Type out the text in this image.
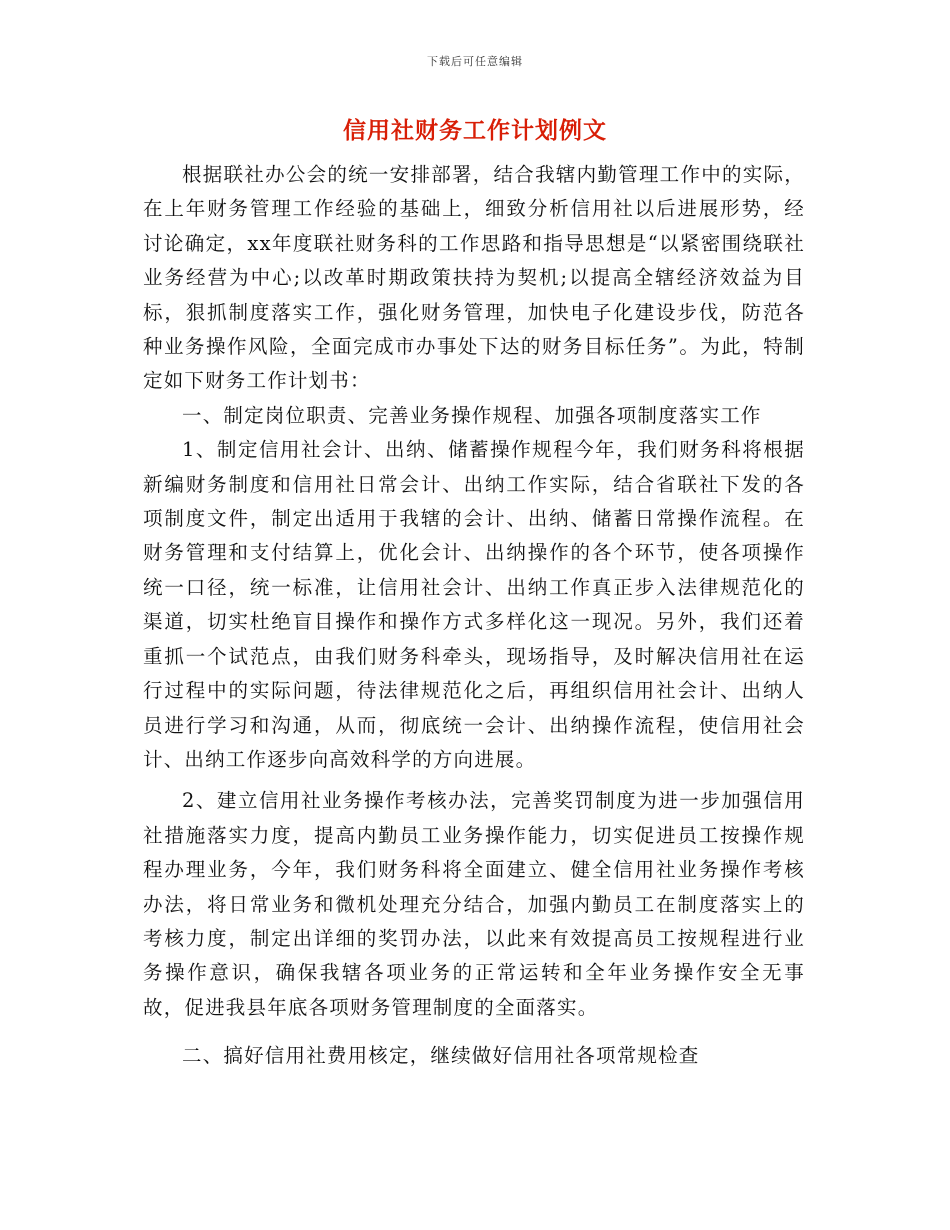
下载后可任意编辑
信用社财务工作计划例文

根据联社办公会的统一安排部署，结合我辖内勤管理工作中的实际，在上年财务管理工作经验的基础上，细致分析信用社以后进展形势，经讨论确定，xx年度联社财务科的工作思路和指导思想是“以紧密围绕联社业务经营为中心;以改革时期政策扶持为契机;以提高全辖经济效益为目标，狠抓制度落实工作，强化财务管理，加快电子化建设步伐，防范各种业务操作风险，全面完成市办事处下达的财务目标任务”。为此，特制定如下财务工作计划书：

一、制定岗位职责、完善业务操作规程、加强各项制度落实工作

1、制定信用社会计、出纳、储蓄操作规程今年，我们财务科将根据新编财务制度和信用社日常会计、出纳工作实际，结合省联社下发的各项制度文件，制定出适用于我辖的会计、出纳、储蓄日常操作流程。在财务管理和支付结算上，优化会计、出纳操作的各个环节，使各项操作统一口径，统一标准，让信用社会计、出纳工作真正步入法律规范化的渠道，切实杜绝盲目操作和操作方式多样化这一现况。另外，我们还着重抓一个试范点，由我们财务科牵头，现场指导，及时解决信用社在运行过程中的实际问题，待法律规范化之后，再组织信用社会计、出纳人员进行学习和沟通，从而，彻底统一会计、出纳操作流程，使信用社会计、出纳工作逐步向高效科学的方向进展。

2、建立信用社业务操作考核办法，完善奖罚制度为进一步加强信用社措施落实力度，提高内勤员工业务操作能力，切实促进员工按操作规程办理业务，今年，我们财务科将全面建立、健全信用社业务操作考核办法，将日常业务和微机处理充分结合，加强内勤员工在制度落实上的考核力度，制定出详细的奖罚办法，以此来有效提高员工按规程进行业务操作意识，确保我辖各项业务的正常运转和全年业务操作安全无事故，促进我县年底各项财务管理制度的全面落实。

二、搞好信用社费用核定，继续做好信用社各项常规检查
